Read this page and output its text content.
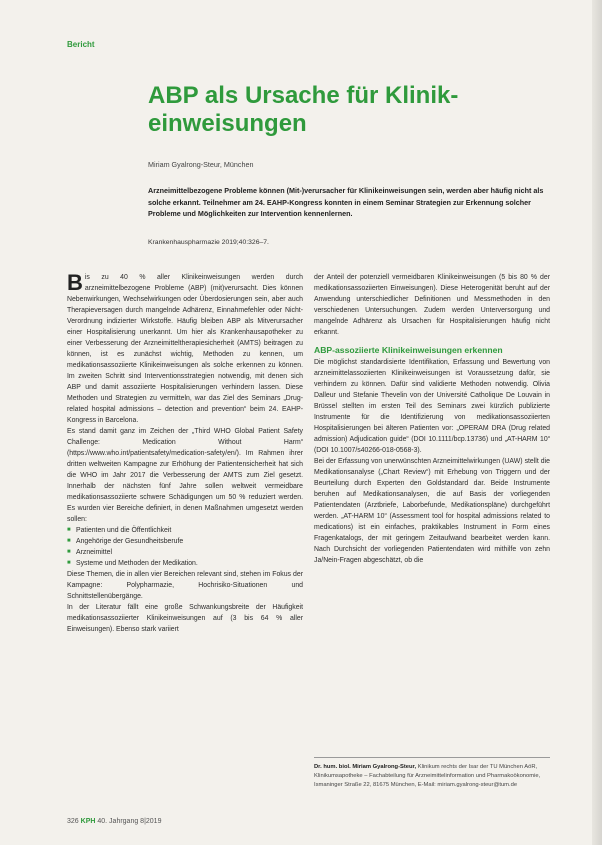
Bericht
ABP als Ursache für Klinik-einweisungen
Miriam Gyalrong-Steur, München
Arzneimittelbezogene Probleme können (Mit-)verursacher für Klinikeinweisungen sein, werden aber häufig nicht als solche erkannt. Teilnehmer am 24. EAHP-Kongress konnten in einem Seminar Strategien zur Erkennung solcher Probleme und Möglichkeiten zur Intervention kennenlernen.
Krankenhauspharmazie 2019;40:326–7.

Bis zu 40 % aller Klinikeinweisungen werden durch arzneimittelbezogene Probleme (ABP) (mit)verursacht. Dies können Nebenwirkungen, Wechselwirkungen oder Überdosierungen sein, aber auch Therapieversagen durch mangelnde Adhärenz, Einnahmefehler oder Nicht-Verordnung indizierter Wirkstoffe. Häufig bleiben ABP als Mitverursacher einer Hospitalisierung unerkannt. Um hier als Krankenhausapotheker zu einer Verbesserung der Arzneimitteltherapiesicherheit (AMTS) beitragen zu können, ist es zunächst wichtig, Methoden zu kennen, um medikationsassoziierte Klinikeinweisungen als solche erkennen zu können. Im zweiten Schritt sind Interventionsstrategien notwendig, mit denen sich ABP und damit assoziierte Hospitalisierungen verhindern lassen. Diese Methoden und Strategien zu vermitteln, war das Ziel des Seminars „Drug-related hospital admissions – detection and prevention“ beim 24. EAHP-Kongress in Barcelona.

Es stand damit ganz im Zeichen der „Third WHO Global Patient Safety Challenge: Medication Without Harm“ (https://www.who.int/patientsafety/medication-safety/en/). Im Rahmen ihrer dritten weltweiten Kampagne zur Erhöhung der Patientensicherheit hat sich die WHO im Jahr 2017 die Verbesserung der AMTS zum Ziel gesetzt. Innerhalb der nächsten fünf Jahre sollen weltweit vermeidbare medikationsassoziierte schwere Schädigungen um 50 % reduziert werden. Es wurden vier Bereiche definiert, in denen Maßnahmen umgesetzt werden sollen:

■ Patienten und die Öffentlichkeit
■ Angehörige der Gesundheitsberufe
■ Arzneimittel
■ Systeme und Methoden der Medikation.

Diese Themen, die in allen vier Bereichen relevant sind, stehen im Fokus der Kampagne: Polypharmazie, Hochrisiko-Situationen und Schnittstellenübergänge.

In der Literatur fällt eine große Schwankungsbreite der Häufigkeit medikationsassoziierter Klinikeinweisungen auf (3 bis 64 % aller Einweisungen). Ebenso stark variiert

der Anteil der potenziell vermeidbaren Klinikeinweisungen (5 bis 80 % der medikationsassoziierten Einweisungen). Diese Heterogenität beruht auf der Anwendung unterschiedlicher Definitionen und Messmethoden in den verschiedenen Untersuchungen. Zudem werden Unterversorgung und mangelnde Adhärenz als Ursachen für Hospitalisierungen häufig nicht erkannt.

ABP-assoziierte Klinikeinweisungen erkennen

Die möglichst standardisierte Identifikation, Erfassung und Bewertung von arzneimittelassoziierten Klinikeinweisungen ist Voraussetzung dafür, sie verhindern zu können. Dafür sind validierte Methoden notwendig. Olivia Dalleur und Stefanie Thevelin von der Université Catholique De Louvain in Brüssel stellten im ersten Teil des Seminars zwei kürzlich publizierte Instrumente für die Identifizierung von medikationsassoziierten Hospitalisierungen bei älteren Patienten vor: „OPERAM DRA (Drug related admission) Adjudication guide“ (DOI 10.1111/bcp.13736) und „AT-HARM 10“ (DOI 10.1007/s40266-018-0568-3).

Bei der Erfassung von unerwünschten Arzneimittelwirkungen (UAW) stellt die Medikationsanalyse („Chart Review“) mit Erhebung von Triggern und der Beurteilung durch Experten den Goldstandard dar. Beide Instrumente beruhen auf Medikationsanalysen, die auf Basis der vorliegenden Patientendaten (Arztbriefe, Laborbefunde, Medikationspläne) durchgeführt werden. „AT-HARM 10“ (Assessment tool for hospital admissions related to medications) ist ein einfaches, praktikables Instrument in Form eines Fragenkatalogs, der mit geringem Zeitaufwand bearbeitet werden kann. Nach Durchsicht der vorliegenden Patientendaten wird mithilfe von zehn Ja/Nein-Fragen abgeschätzt, ob die

Dr. hum. biol. Miriam Gyalrong-Steur, Klinikum rechts der Isar der TU München AöR, Klinikumsapotheke – Fachabteilung für Arzneimittelinformation und Pharmakoökonomie, Ismaninger Straße 22, 81675 München, E-Mail: miriam.gyalrong-steur@tum.de
326 KPH 40. Jahrgang 8|2019
